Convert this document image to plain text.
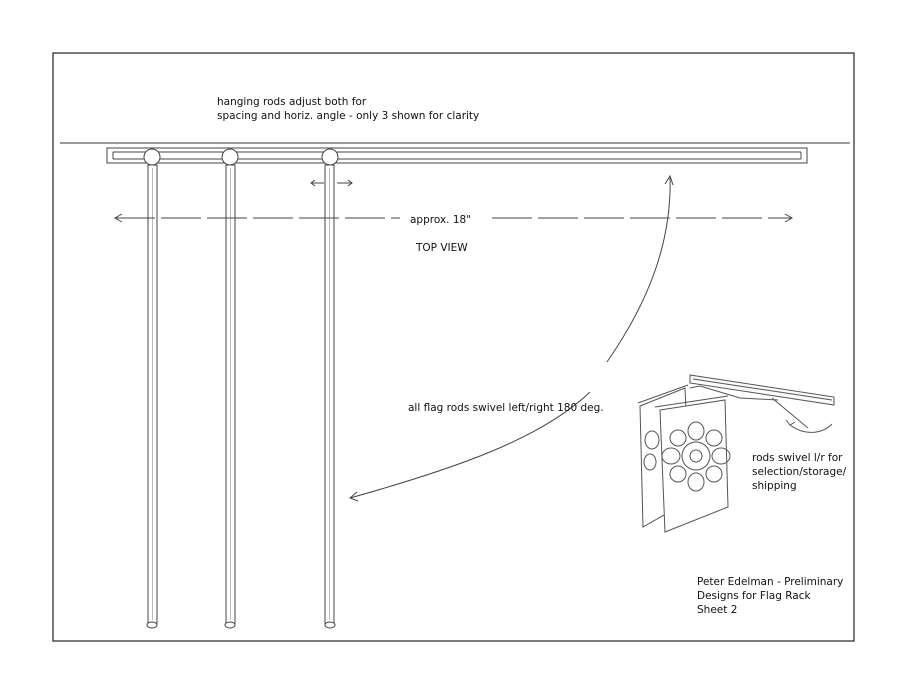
hanging rods adjust both for
spacing and horiz. angle - only 3 shown for clarity
approx. 18"
TOP VIEW
all flag rods swivel left/right 180 deg.
rods swivel l/r for
selection/storage/
shipping
Peter Edelman - Preliminary
Designs for Flag Rack
Sheet 2
